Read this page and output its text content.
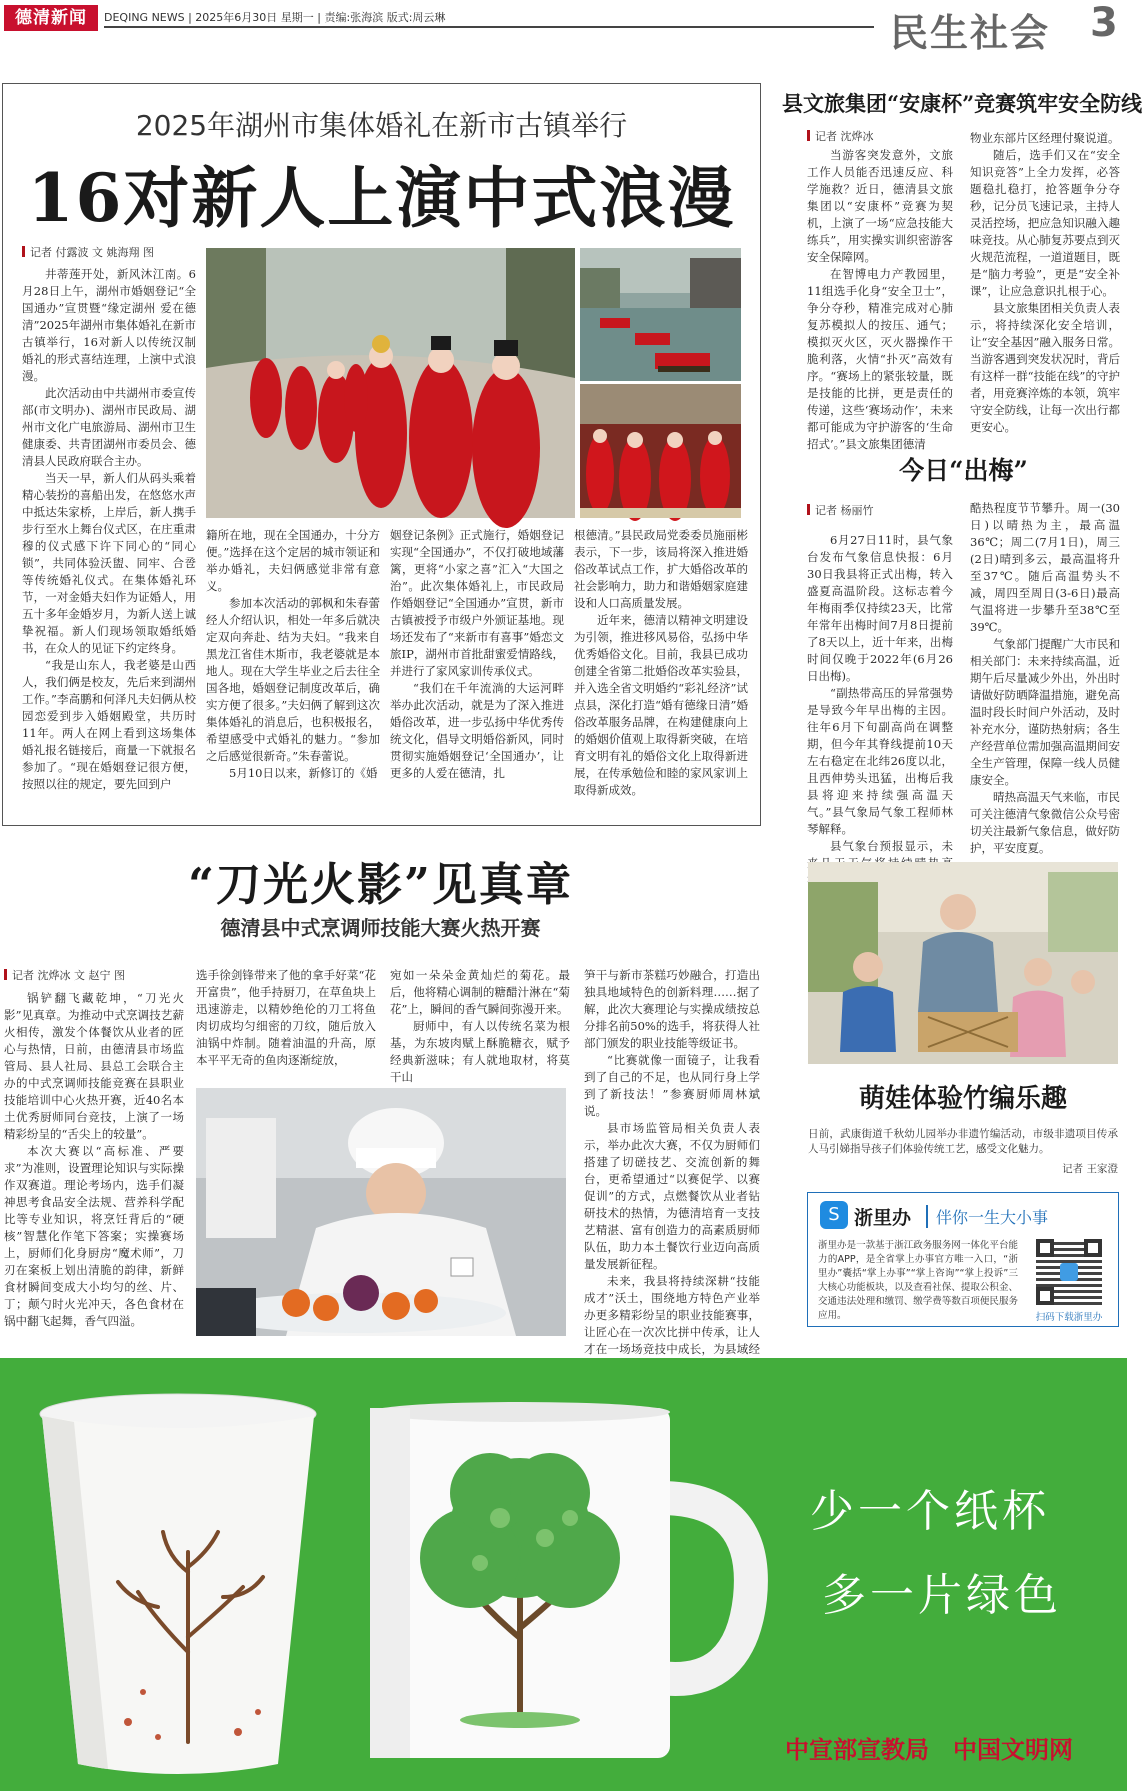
德清新闻	DEQING NEWS | 2025年6月30日 星期一 | 责编:张海滨 版式:周云琳	民生社会 3
2025年湖州市集体婚礼在新市古镇举行
16对新人上演中式浪漫
记者 付露波 文 姚海翔 图

井蒂莲开处，新风沐江南。6月28日上午，湖州市婚姻登记“全国通办”宣贯暨“缘定湖州 爱在德清”2025年湖州市集体婚礼在新市古镇举行，16对新人以传统汉制婚礼的形式喜结连理，上演中式浪漫。

此次活动由中共湖州市委宣传部(市文明办)、湖州市民政局、湖州市文化广电旅游局、湖州市卫生健康委、共青团湖州市委员会、德清县人民政府联合主办。

当天一早，新人们从码头乘着精心装扮的喜船出发，在悠悠水声中抵达朱家桥，上岸后，新人携手步行至水上舞台仪式区，在庄重肃穆的仪式感下许下同心的“同心锁”，共同体验沃盥、同牢、合卺等传统婚礼仪式。在集体婚礼环节，一对金婚夫妇作为证婚人，用五十多年金婚岁月，为新人送上诚挚祝福。新人们现场领取婚纸婚书，在众人的见证下约定终身。

“我是山东人，我老婆是山西人，我们俩是校友，先后来到湖州工作。”李高鹏和何泽凡夫妇俩从校园恋爱到步入婚姻殿堂，共历时11年。两人在网上看到这场集体婚礼报名链接后，商量一下就报名参加了。“现在婚姻登记很方便，按照以往的规定，要先回到户

籍所在地，现在全国通办，十分方便。”选择在这个定居的城市领证和举办婚礼，夫妇俩感觉非常有意义。

参加本次活动的郭枫和朱春蕾经人介绍认识，相处一年多后就决定双向奔赴、结为夫妇。“我来自黑龙江省佳木斯市，我老婆就是本地人。现在大学生毕业之后去往全国各地，婚姻登记制度改革后，确实方便了很多。”夫妇俩了解到这次集体婚礼的消息后，也积极报名，希望感受中式婚礼的魅力。“参加之后感觉很新奇。”朱春蕾说。

5月10日以来，新修订的《婚

姻登记条例》正式施行，婚姻登记实现“全国通办”，不仅打破地域藩篱，更将“小家之喜”汇入“大国之治”。此次集体婚礼上，市民政局作婚姻登记“全国通办”宣贯，新市古镇被授予市级户外颁证基地。现场还发布了“来新市有喜事”婚恋文旅IP，湖州市首批甜蜜爱情路线，并进行了家风家训传承仪式。

“我们在千年流淌的大运河畔举办此次活动，就是为了深入推进婚俗改革，进一步弘扬中华优秀传统文化，倡导文明婚俗新风，同时贯彻实施婚姻登记‘全国通办’，让更多的人爱在德清，扎

根德清。”县民政局党委委员施丽彬表示，下一步，该局将深入推进婚俗改革试点工作，扩大婚俗改革的社会影响力，助力和谐婚姻家庭建设和人口高质量发展。

近年来，德清以精神文明建设为引领，推进移风易俗，弘扬中华优秀婚俗文化。目前，我县已成功创建全省第二批婚俗改革实验县，并入选全省文明婚约“彩礼经济”试点县，深化打造“婚有德缘日清”婚俗改革服务品牌，在构建健康向上的婚姻价值观上取得新突破，在培育文明有礼的婚俗文化上取得新进展，在传承勉俭和睦的家风家训上取得新成效。

县文旅集团“安康杯”竞赛筑牢安全防线
记者 沈烨冰

当游客突发意外，文旅工作人员能否迅速反应、科学施救？近日，德清县文旅集团以“安康杯”竞赛为契机，上演了一场“应急技能大练兵”，用实操实训织密游客安全保障网。

在智博电力产教园里，11组选手化身“安全卫士”，争分夺秒，精准完成对心肺复苏模拟人的按压、通气；模拟灭火区，灭火器操作干脆利落，火情“扑灭”高效有序。“赛场上的紧张较量，既是技能的比拼，更是责任的传递，这些‘赛场动作’，未来都可能成为守护游客的‘生命招式’。”县文旅集团德清

物业东部片区经理付聚说道。

随后，选手们又在“安全知识竞答”上全力发挥，必答题稳扎稳打，抢答题争分夺秒，记分员飞速记录，主持人灵活控场，把应急知识融入趣味竞技。从心肺复苏要点到灭火规范流程，一道道题目，既是“脑力考验”，更是“安全补课”，让应急意识扎根于心。

县文旅集团相关负责人表示，将持续深化安全培训，让“安全基因”融入服务日常。当游客遇到突发状况时，背后有这样一群“技能在线”的守护者，用竞赛淬炼的本领，筑牢守安全防线，让每一次出行都更安心。

今日“出梅”
记者 杨丽竹

6月27日11时，县气象台发布气象信息快报：6月30日我县将正式出梅，转入盛夏高温阶段。这标志着今年梅雨季仅持续23天，比常年常年出梅时间7月8日提前了8天以上，近十年来，出梅时间仅晚于2022年(6月26日出梅)。

“副热带高压的异常强势是导致今年早出梅的主因。往年6月下旬副高尚在调整期，但今年其脊线提前10天左右稳定在北纬26度以北，且西伸势头迅猛，出梅后我县将迎来持续强高温天气。”县气象局气象工程师林琴解释。

县气象台预报显示，未

酷热程度节节攀升。周一(30日)以晴热为主，最高温36℃；周二(7月1日)，周三(2日)晴到多云，最高温将升至37℃。随后高温势头不减，周四至周日(3-6日)最高气温将进一步攀升至38℃至39℃。

气象部门提醒广大市民和相关部门：未来持续高温，近期午后尽量减少外出，外出时请做好防晒降温措施，避免高温时段长时间户外活动，及时补充水分，谨防热射病；各生产经营单位需加强高温期间安全生产管理，保障一线人员健康安全。

晴热高温天气来临，市民可关注德清气象微信公众号密切关注最新气象信息，做好防护，平安度夏。

“刀光火影”见真章
德清县中式烹调师技能大赛火热开赛
记者 沈烨冰 文 赵宁 图

锅铲翻飞藏乾坤，“刀光火影”见真章。为推动中式烹调技艺薪火相传，激发个体餐饮从业者的匠心与热情，日前，由德清县市场监管局、县人社局、县总工会联合主办的中式烹调师技能竞赛在县职业技能培训中心火热开赛，近40名本土优秀厨师同台竞技，上演了一场精彩纷呈的“舌尖上的较量”。

本次大赛以“高标准、严要求”为准则，设置理论知识与实际操作双赛道。理论考场内，选手们凝神思考食品安全法规、营养科学配比等专业知识，将烹饪背后的“硬核”智慧化作笔下答案；实操赛场上，厨师们化身厨房“魔术师”，刀刃在案板上划出清脆的韵律，新鲜食材瞬间变成大小均匀的丝、片、丁；颠勺时火光冲天，各色食材在锅中翻飞起舞，香气四溢。

选手徐剑锋带来了他的拿手好菜“花开富贵”，他手持厨刀，在草鱼块上迅速游走，以精妙绝伦的刀工将鱼肉切成均匀细密的刀纹，随后放入油锅中炸制。随着油温的升高，原本平平无奇的鱼肉逐渐绽放，

宛如一朵朵金黄灿烂的菊花。最后，他将精心调制的糖醋汁淋在“菊花”上，瞬间的香气瞬间弥漫开来。

厨师中，有人以传统名菜为根基，为东坡肉赋上酥脆糖衣，赋予经典新滋味；有人就地取材，将莫干山

笋干与新市茶糕巧妙融合，打造出独具地域特色的创新料理……据了解，此次大赛理论与实操成绩按总分排名前50%的选手，将获得人社部门颁发的职业技能等级证书。

“比赛就像一面镜子，让我看到了自己的不足，也从同行身上学到了新技法！”参赛厨师周林斌说。

县市场监管局相关负责人表示，举办此次大赛，不仅为厨师们搭建了切磋技艺、交流创新的舞台，更希望通过“以赛促学、以赛促训”的方式，点燃餐饮从业者钻研技术的热情，为德清培育一支技艺精湛、富有创造力的高素质厨师队伍，助力本土餐饮行业迈向高质量发展新征程。

未来，我县将持续深耕“技能成才”沃土，围绕地方特色产业举办更多精彩纷呈的职业技能赛事，让匠心在一次次比拼中传承，让人才在一场场竞技中成长，为县域经

萌娃体验竹编乐趣
日前，武康街道千秋幼儿园举办非遗竹编活动，市级非遗项目传承人马引娣指导孩子们体验传统工艺，感受文化魅力。
记者 王家澄
S 浙里办	伴你一生大小事
浙里办是一款基于浙江政务服务网一体化平台能力的APP，是全省掌上办事官方唯一入口，“浙里办”囊括“掌上办事”“掌上咨询”“掌上投诉”三大核心功能板块，以及查看社保、提取公积金、交通违法处理和缴罚、缴学费等数百项便民服务应用。	扫码下载浙里办
少一个纸杯
多一片绿色
中宣部宣教局　中国文明网
